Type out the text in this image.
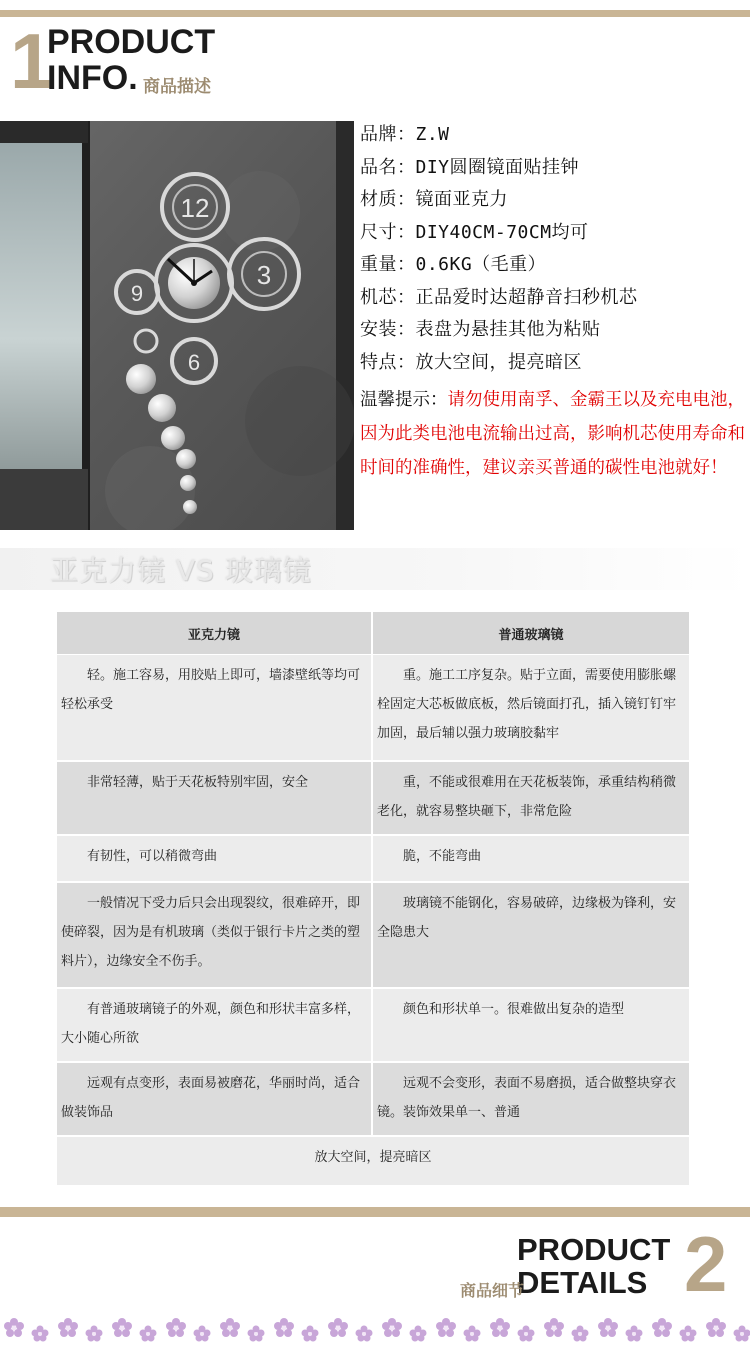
1
PRODUCT
INFO. 商品描述
12
3
9
6
品牌：Z.W
品名：DIY圆圈镜面贴挂钟
材质：镜面亚克力
尺寸：DIY40CM-70CM均可
重量：0.6KG（毛重）
机芯：正品爱时达超静音扫秒机芯
安装：表盘为悬挂其他为粘贴
特点：放大空间，提亮暗区
温馨提示：请勿使用南孚、金霸王以及充电电池，因为此类电池电流输出过高，影响机芯使用寿命和时间的准确性，建议亲买普通的碳性电池就好！
亚克力镜 VS 玻璃镜
亚克力镜	普通玻璃镜
轻。施工容易，用胶贴上即可，墙漆壁纸等均可轻松承受	重。施工工序复杂。贴于立面，需要使用膨胀螺栓固定大芯板做底板，然后镜面打孔，插入镜钉钉牢加固，最后辅以强力玻璃胶黏牢
非常轻薄，贴于天花板特别牢固，安全	重，不能或很难用在天花板装饰，承重结构稍微老化，就容易整块砸下，非常危险
有韧性，可以稍微弯曲	脆，不能弯曲
一般情况下受力后只会出现裂纹，很难碎开，即使碎裂，因为是有机玻璃（类似于银行卡片之类的塑料片），边缘安全不伤手。	玻璃镜不能钢化，容易破碎，边缘极为锋利，安全隐患大
有普通玻璃镜子的外观，颜色和形状丰富多样，大小随心所欲	颜色和形状单一。很难做出复杂的造型
远观有点变形，表面易被磨花，华丽时尚，适合做装饰品	远观不会变形，表面不易磨损，适合做整块穿衣镜。装饰效果单一、普通
放大空间，提亮暗区	
PRODUCT
DETAILS
商品细节 2
